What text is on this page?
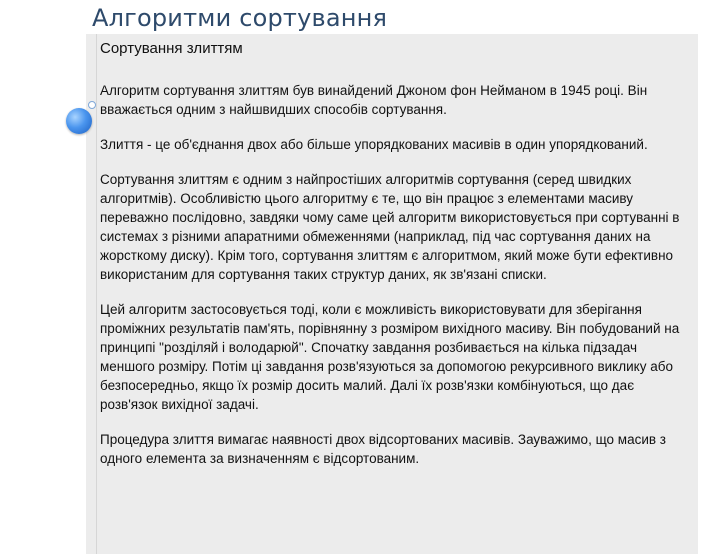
Алгоритми сортування
Сортування злиттям

Алгоритм сортування злиттям був винайдений Джоном фон Нейманом в 1945 році. Він вважається одним з найшвидших способів сортування.

Злиття - це об'єднання двох або більше упорядкованих масивів в один упорядкований.

Сортування злиттям є одним з найпростіших алгоритмів сортування (серед швидких алгоритмів). Особливістю цього алгоритму є те, що він працює з елементами масиву переважно послідовно, завдяки чому саме цей алгоритм використовується при сортуванні в системах з різними апаратними обмеженнями (наприклад, під час сортування даних на жорсткому диску). Крім того, сортування злиттям є алгоритмом, який може бути ефективно використаним для сортування таких структур даних, як зв'язані списки.

Цей алгоритм застосовується тоді, коли є можливість використовувати для зберігання проміжних результатів пам'ять, порівнянну з розміром вихідного масиву. Він побудований на принципі "розділяй і володарюй". Спочатку завдання розбивається на кілька підзадач меншого розміру. Потім ці завдання розв'язуються за допомогою рекурсивного виклику або безпосередньо, якщо їх розмір досить малий. Далі їх розв'язки комбінуються, що дає розв'язок вихідної задачі.

Процедура злиття вимагає наявності двох відсортованих масивів. Зауважимо, що масив з одного елемента за визначенням є відсортованим.
